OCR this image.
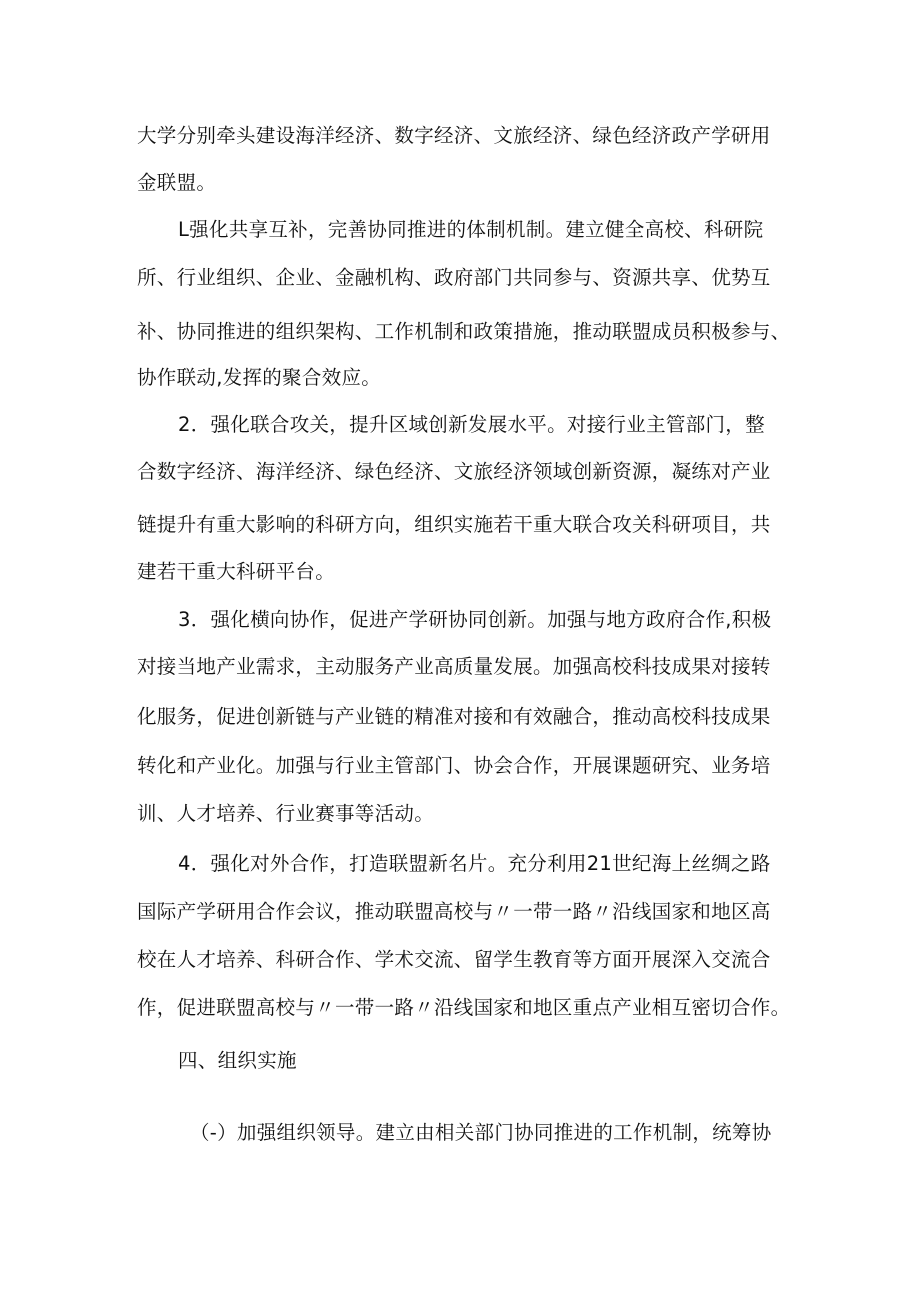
大学分别牵头建设海洋经济、数字经济、文旅经济、绿色经济政产学研用
金联盟。
L强化共享互补，完善协同推进的体制机制。建立健全高校、科研院
所、行业组织、企业、金融机构、政府部门共同参与、资源共享、优势互
补、协同推进的组织架构、工作机制和政策措施，推动联盟成员积极参与、
协作联动,发挥的聚合效应。
2．强化联合攻关，提升区域创新发展水平。对接行业主管部门，整
合数字经济、海洋经济、绿色经济、文旅经济领域创新资源，凝练对产业
链提升有重大影响的科研方向，组织实施若干重大联合攻关科研项目，共
建若干重大科研平台。
3．强化横向协作，促进产学研协同创新。加强与地方政府合作,积极
对接当地产业需求，主动服务产业高质量发展。加强高校科技成果对接转
化服务，促进创新链与产业链的精准对接和有效融合，推动高校科技成果
转化和产业化。加强与行业主管部门、协会合作，开展课题研究、业务培
训、人才培养、行业赛事等活动。
4．强化对外合作，打造联盟新名片。充分利用21世纪海上丝绸之路
国际产学研用合作会议，推动联盟高校与〃一带一路〃沿线国家和地区高
校在人才培养、科研合作、学术交流、留学生教育等方面开展深入交流合
作，促进联盟高校与〃一带一路〃沿线国家和地区重点产业相互密切合作。
四、组织实施
（-）加强组织领导。建立由相关部门协同推进的工作机制，统筹协
